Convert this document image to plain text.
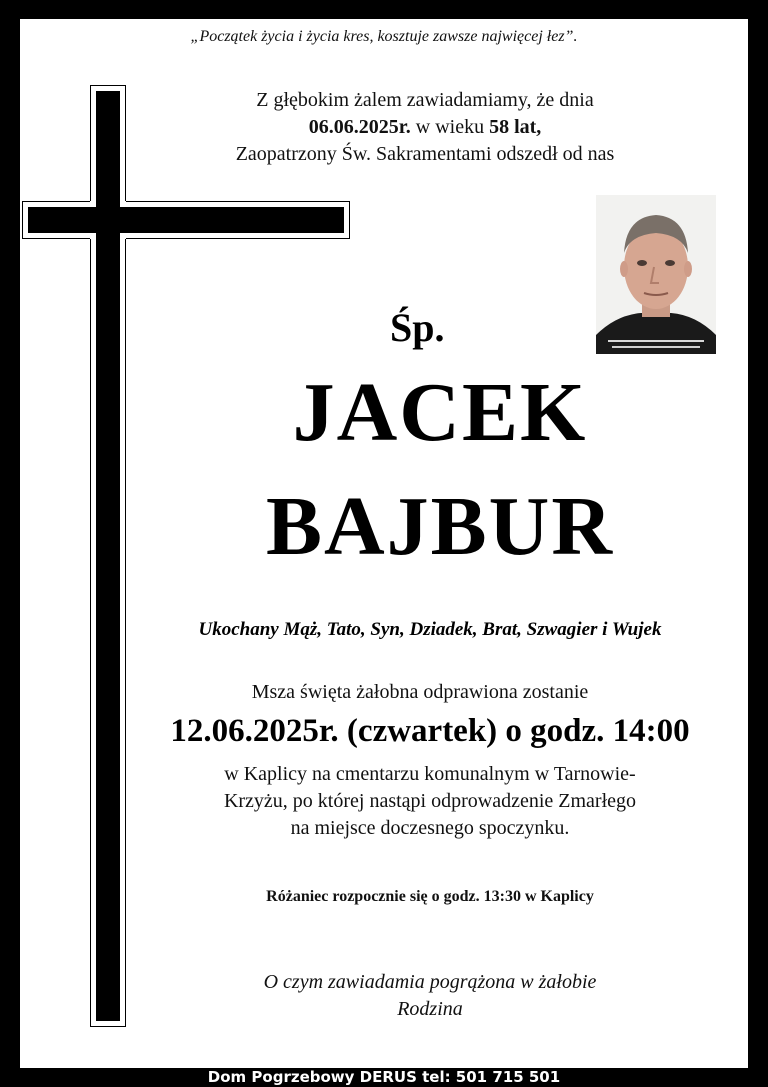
„Początek życia i życia kres, kosztuje zawsze najwięcej łez”.
Z głębokim żalem zawiadamiamy, że dnia
06.06.2025r. w wieku 58 lat,
Zaopatrzony Św. Sakramentami odszedł od nas
Śp.
JACEK
BAJBUR
Ukochany Mąż, Tato, Syn, Dziadek, Brat, Szwagier i Wujek
Msza święta żałobna odprawiona zostanie
12.06.2025r. (czwartek) o godz. 14:00
w Kaplicy na cmentarzu komunalnym w Tarnowie-
Krzyżu, po której nastąpi odprowadzenie Zmarłego
na miejsce doczesnego spoczynku.
Różaniec rozpocznie się o godz. 13:30 w Kaplicy
O czym zawiadamia pogrążona w żałobie
Rodzina
Dom Pogrzebowy DERUS tel: 501 715 501
